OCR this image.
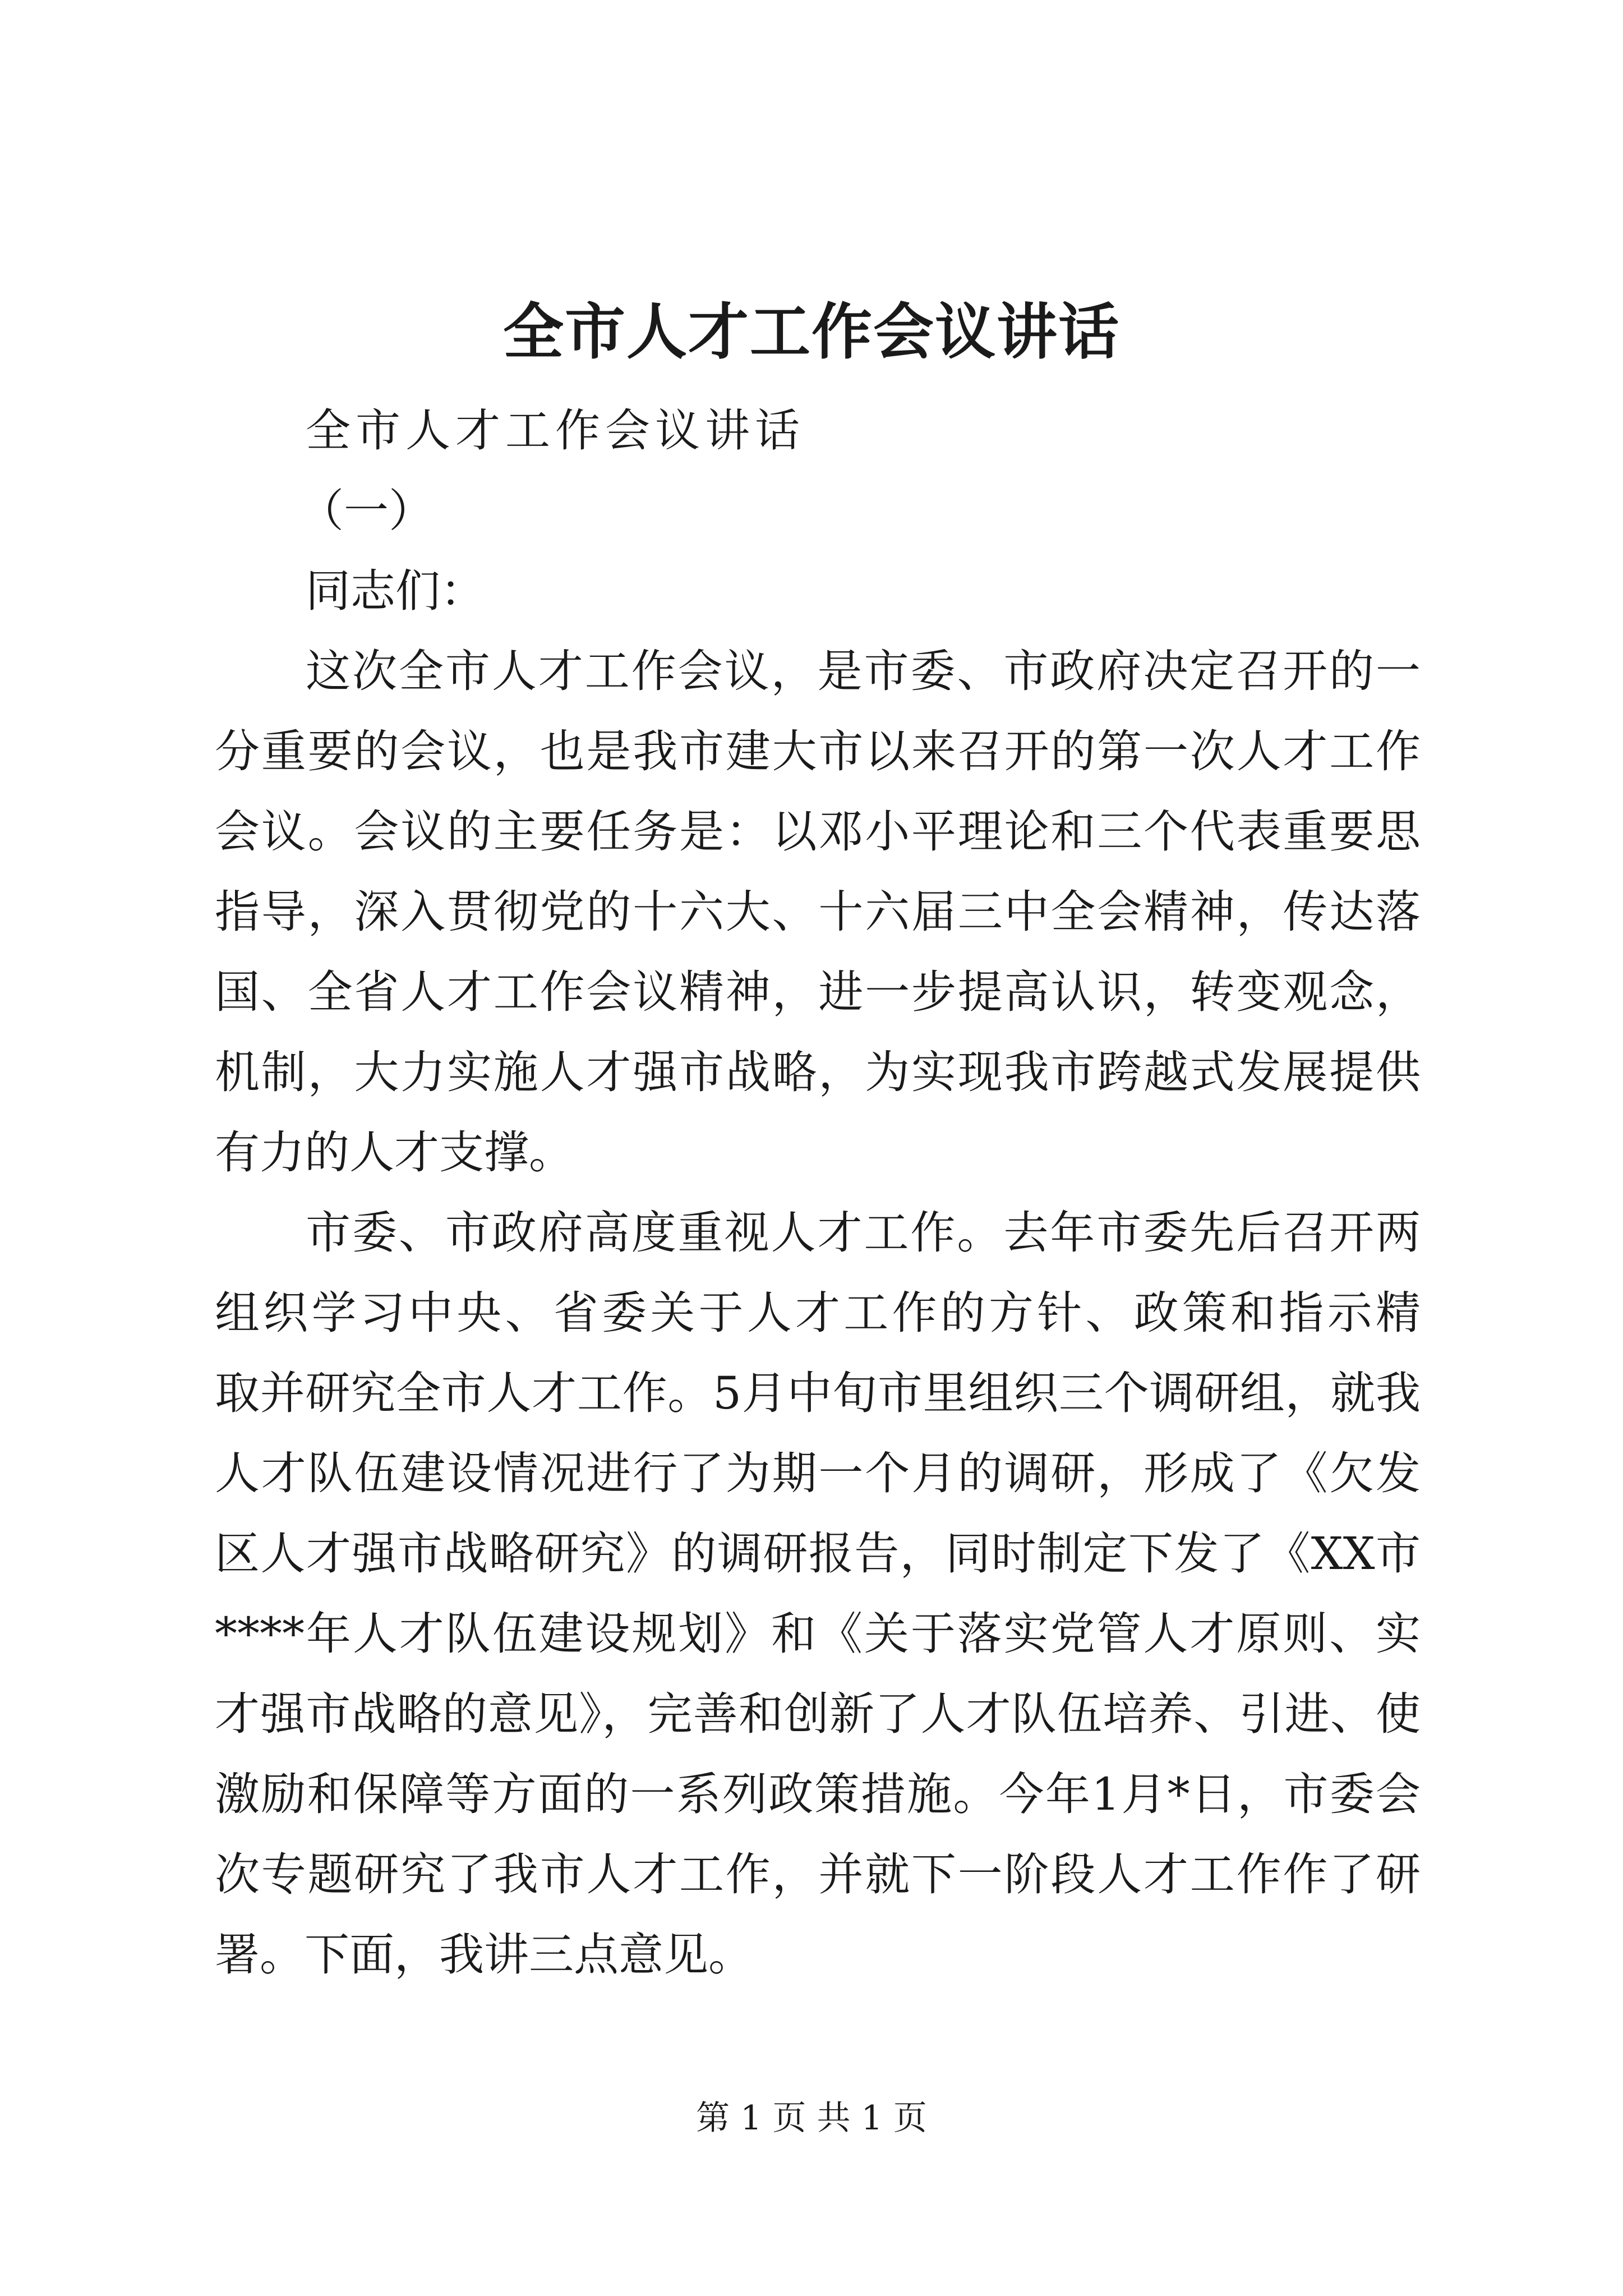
全市人才工作会议讲话

全市人才工作会议讲话

（一）

同志们：

这次全市人才工作会议，是市委、市政府决定召开的一

分重要的会议，也是我市建大市以来召开的第一次人才工作

会议。会议的主要任务是：以邓小平理论和三个代表重要思

指导，深入贯彻党的十六大、十六届三中全会精神，传达落

国、全省人才工作会议精神，进一步提高认识，转变观念，

机制，大力实施人才强市战略，为实现我市跨越式发展提供

有力的人才支撑。

市委、市政府高度重视人才工作。去年市委先后召开两

组织学习中央、省委关于人才工作的方针、政策和指示精

取并研究全市人才工作。5月中旬市里组织三个调研组，就我

人才队伍建设情况进行了为期一个月的调研，形成了《欠发

区人才强市战略研究》的调研报告，同时制定下发了《XX市

****年人才队伍建设规划》和《关于落实党管人才原则、实

才强市战略的意见》，完善和创新了人才队伍培养、引进、使

激励和保障等方面的一系列政策措施。今年1月*日，市委会

次专题研究了我市人才工作，并就下一阶段人才工作作了研

署。下面，我讲三点意见。

第 1 页 共 1 页
